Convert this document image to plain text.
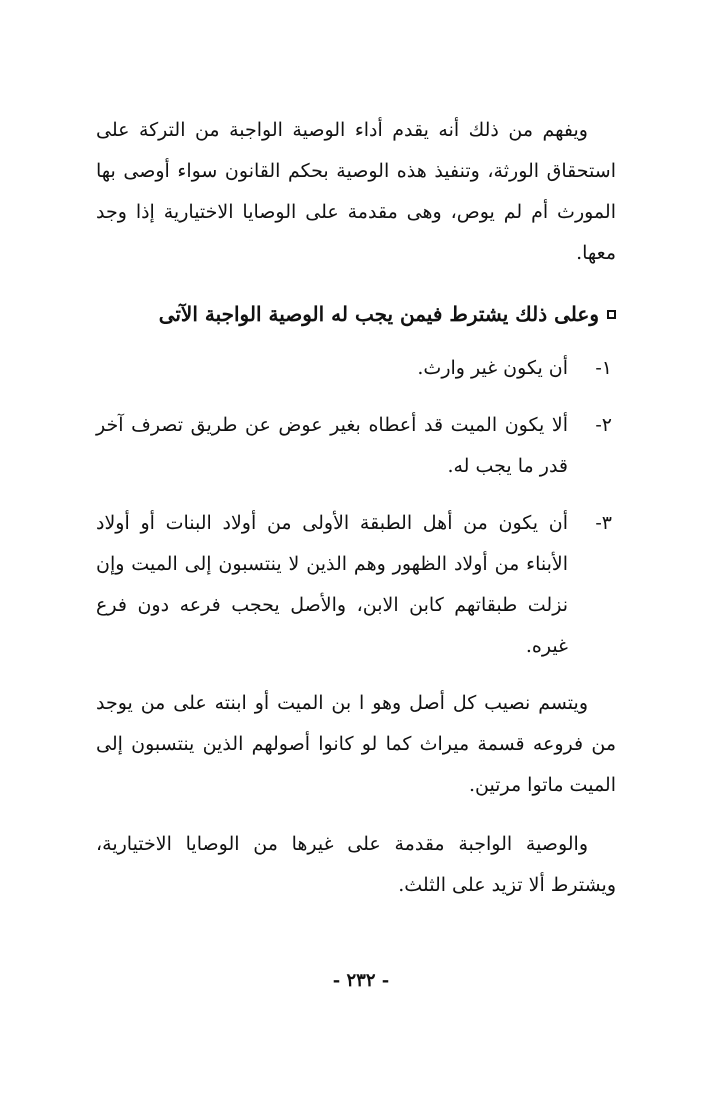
ويفهم من ذلك أنه يقدم أداء الوصية الواجبة من التركة على استحقاق الورثة، وتنفيذ هذه الوصية بحكم القانون سواء أوصى بها المورث أم لم يوص، وهى مقدمة على الوصايا الاختيارية إذا وجد معها.

وعلى ذلك يشترط فيمن يجب له الوصية الواجبة الآتى
١-
أن يكون غير وارث.
٢-
ألا يكون الميت قد أعطاه بغير عوض عن طريق تصرف آخر قدر ما يجب له.
٣-
أن يكون من أهل الطبقة الأولى من أولاد البنات أو أولاد الأبناء من أولاد الظهور وهم الذين لا ينتسبون إلى الميت وإن نزلت طبقاتهم كابن الابن، والأصل يحجب فرعه دون فرع غيره.

ويتسم نصيب كل أصل وهو ا بن الميت أو ابنته على من يوجد من فروعه قسمة ميراث كما لو كانوا أصولهم الذين ينتسبون إلى الميت ماتوا مرتين.

والوصية الواجبة مقدمة على غيرها من الوصايا الاختيارية، ويشترط ألا تزيد على الثلث.

- ٢٣٢ -
